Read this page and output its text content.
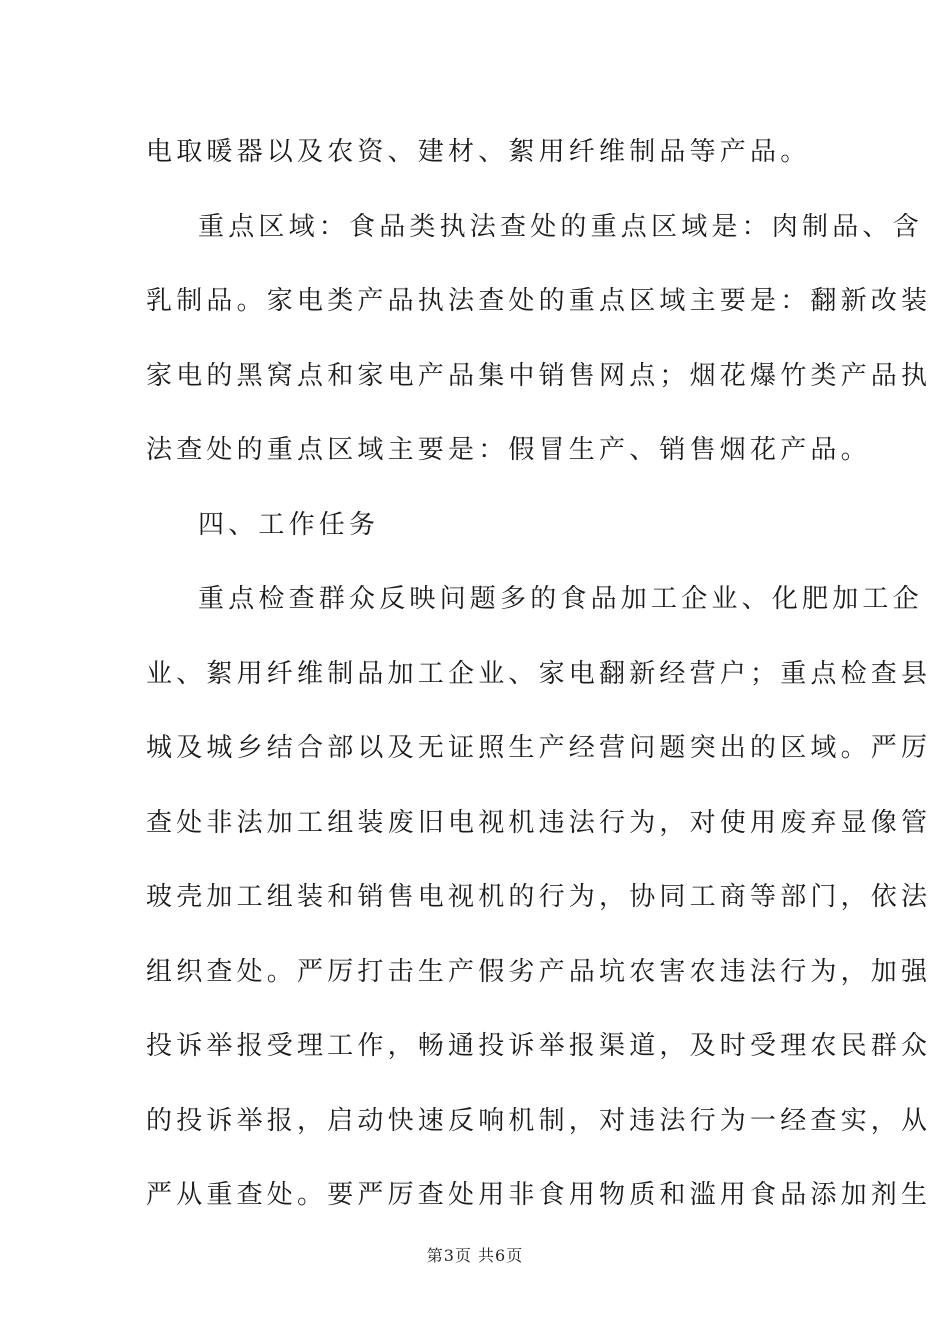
电取暖器以及农资、建材、絮用纤维制品等产品。
重点区域：食品类执法查处的重点区域是：肉制品、含
乳制品。家电类产品执法查处的重点区域主要是：翻新改装
家电的黑窝点和家电产品集中销售网点；烟花爆竹类产品执
法查处的重点区域主要是：假冒生产、销售烟花产品。
四、工作任务
重点检查群众反映问题多的食品加工企业、化肥加工企
业、絮用纤维制品加工企业、家电翻新经营户；重点检查县
城及城乡结合部以及无证照生产经营问题突出的区域。严厉
查处非法加工组装废旧电视机违法行为，对使用废弃显像管
玻壳加工组装和销售电视机的行为，协同工商等部门，依法
组织查处。严厉打击生产假劣产品坑农害农违法行为，加强
投诉举报受理工作，畅通投诉举报渠道，及时受理农民群众
的投诉举报，启动快速反响机制，对违法行为一经查实，从
严从重查处。要严厉查处用非食用物质和滥用食品添加剂生
第3页 共6页
